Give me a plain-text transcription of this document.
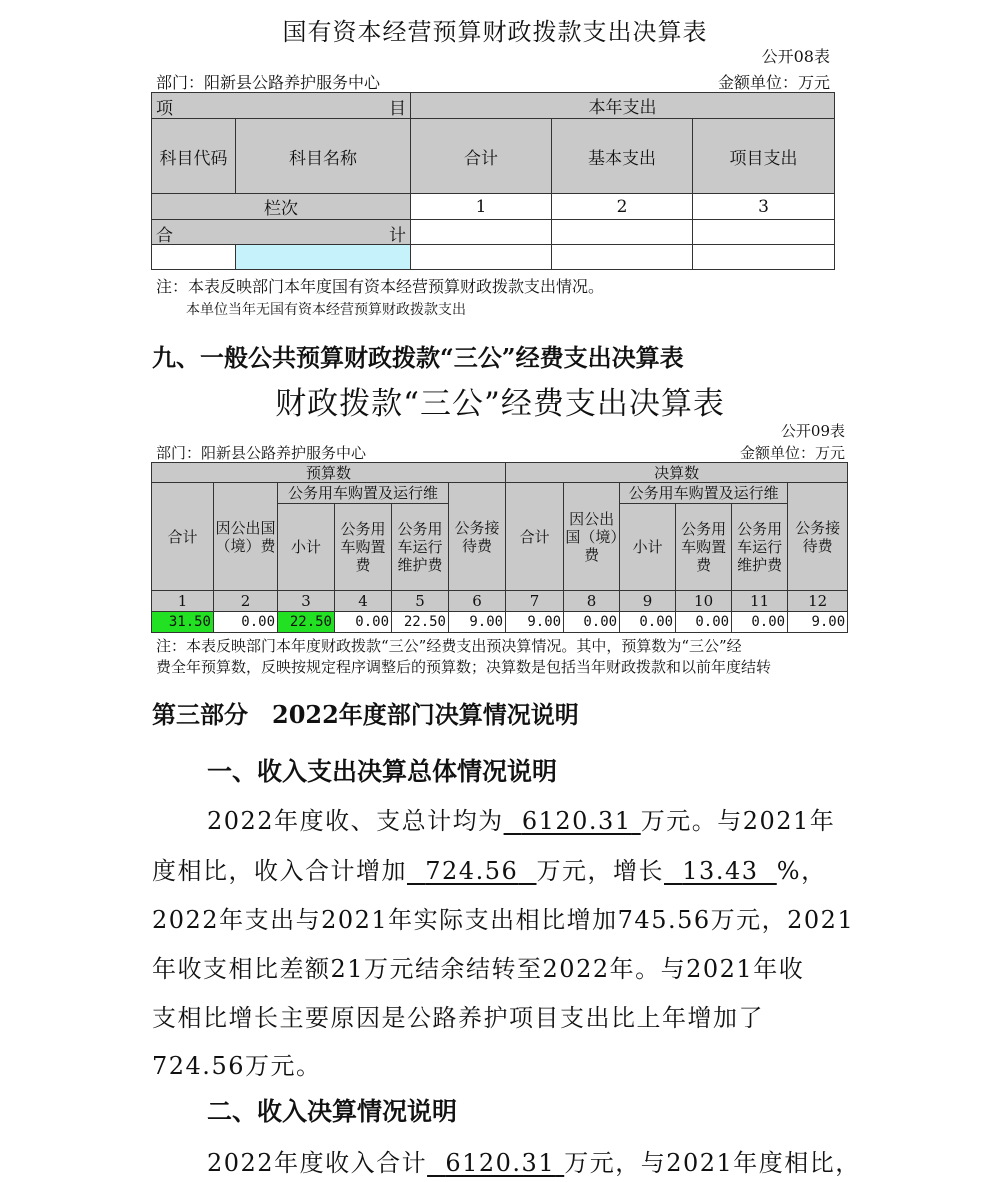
国有资本经营预算财政拨款支出决算表
公开08表
部门：阳新县公路养护服务中心	金额单位：万元
项 目		本年支出		
科目代码	科目名称	合计	基本支出	项目支出
栏次		1	2	3

合 计				

注：本表反映部门本年度国有资本经营预算财政拨款支出情况。
本单位当年无国有资本经营预算财政拨款支出
九、一般公共预算财政拨款“三公”经费支出决算表
财政拨款“三公”经费支出决算表
公开09表
部门：阳新县公路养护服务中心	金额单位：万元
预算数						决算数					
合计	因公出国（境）费	公务用车购置及运行维			公务接待费	合计	因公出国（境）费	公务用车购置及运行维			公务接待费
		小计	公务用车购置费	公务用车运行维护费				小计	公务用车购置费	公务用车运行维护费	
1	2	3	4	5	6	7	8	9	10	11	12
31.50	0.00	22.50	0.00	22.50	9.00	9.00	0.00	0.00	0.00	0.00	9.00
注：本表反映部门本年度财政拨款“三公”经费支出预决算情况。其中，预算数为“三公”经
费全年预算数，反映按规定程序调整后的预算数；决算数是包括当年财政拨款和以前年度结转
第三部分　2022年度部门决算情况说明
一、收入支出决算总体情况说明
2022年度收、支总计均为 6120.31 万元。与2021年
度相比，收入合计增加 724.56 万元，增长 13.43 %，
2022年支出与2021年实际支出相比增加745.56万元，2021
年收支相比差额21万元结余结转至2022年。与2021年收
支相比增长主要原因是公路养护项目支出比上年增加了
724.56万元。
二、收入决算情况说明
2022年度收入合计 6120.31 万元，与2021年度相比，
